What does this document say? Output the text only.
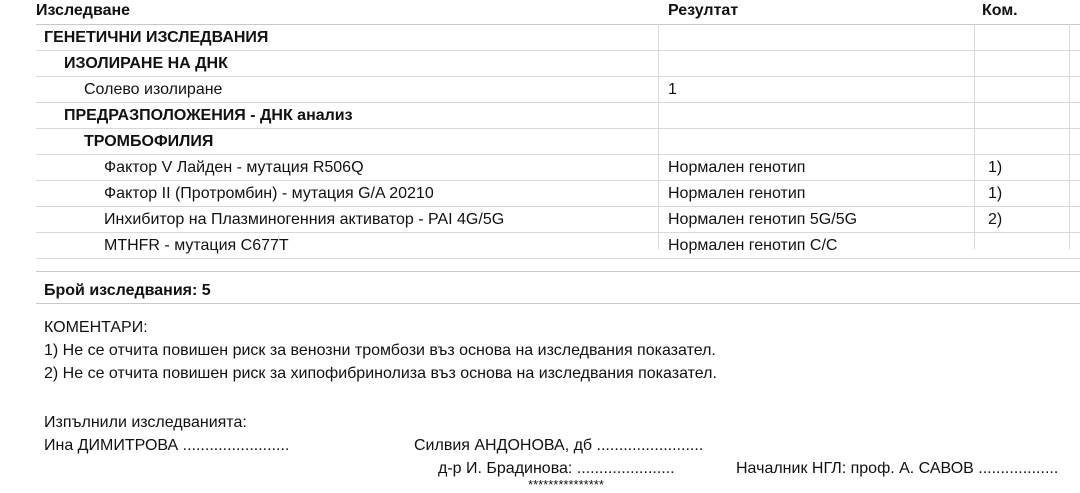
Изследване	Резултат	Ком.
ГЕНЕТИЧНИ ИЗСЛЕДВАНИЯ
ИЗОЛИРАНЕ НА ДНК
Солево изолиране	1
ПРЕДРАЗПОЛОЖЕНИЯ - ДНК анализ
ТРОМБОФИЛИЯ
Фактор V Лайден - мутация R506Q	Нормален генотип	1)
Фактор II (Протромбин) - мутация G/A 20210	Нормален генотип	1)
Инхибитор на Плазминогенния активатор - PAI 4G/5G	Нормален генотип 5G/5G	2)
MTHFR - мутация C677T	Нормален генотип C/C
Брой изследвания: 5
КОМЕНТАРИ:
1) Не се отчита повишен риск за венозни тромбози въз основа на изследвания показател.
2) Не се отчита повишен риск за хипофибринолиза въз основа на изследвания показател.
Изпълнили изследванията:
Ина ДИМИТРОВА ........................	Силвия АНДОНОВА, дб ........................
д-р И. Брадинова: ......................	Началник НГЛ: проф. А. САВОВ ..................
***************
